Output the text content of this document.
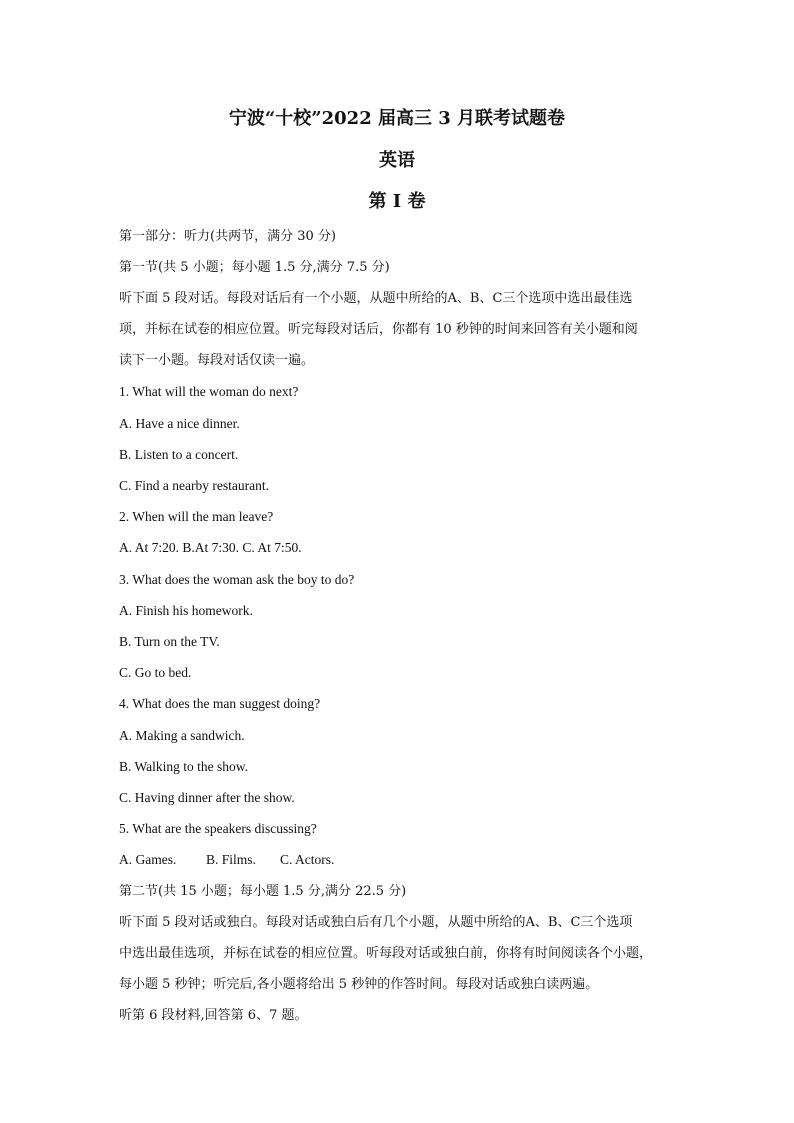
宁波“十校”2022 届高三 3 月联考试题卷
英语
第 I 卷
第一部分：听力(共两节，满分 30 分)
第一节(共 5 小题；每小题 1.5 分,满分 7.5 分)
听下面 5 段对话。每段对话后有一个小题，从题中所给的A、B、C三个选项中选出最佳选
项，并标在试卷的相应位置。听完每段对话后，你都有 10 秒钟的时间来回答有关小题和阅
读下一小题。每段对话仅读一遍。
1. What will the woman do next?
A. Have a nice dinner.
B. Listen to a concert.
C. Find a nearby restaurant.
2. When will the man leave?
A. At 7:20. B.At 7:30. C. At 7:50.
3. What does the woman ask the boy to do?
A. Finish his homework.
B. Turn on the TV.
C. Go to bed.
4. What does the man suggest doing?
A. Making a sandwich.
B. Walking to the show.
C. Having dinner after the show.
5. What are the speakers discussing?
A. Games. B. Films. C. Actors.
第二节(共 15 小题；每小题 1.5 分,满分 22.5 分)
听下面 5 段对话或独白。每段对话或独白后有几个小题，从题中所给的A、B、C三个选项
中选出最佳选项，并标在试卷的相应位置。听每段对话或独白前，你将有时间阅读各个小题，
每小题 5 秒钟；听完后,各小题将给出 5 秒钟的作答时间。每段对话或独白读两遍。
听第 6 段材料,回答第 6、7 题。
